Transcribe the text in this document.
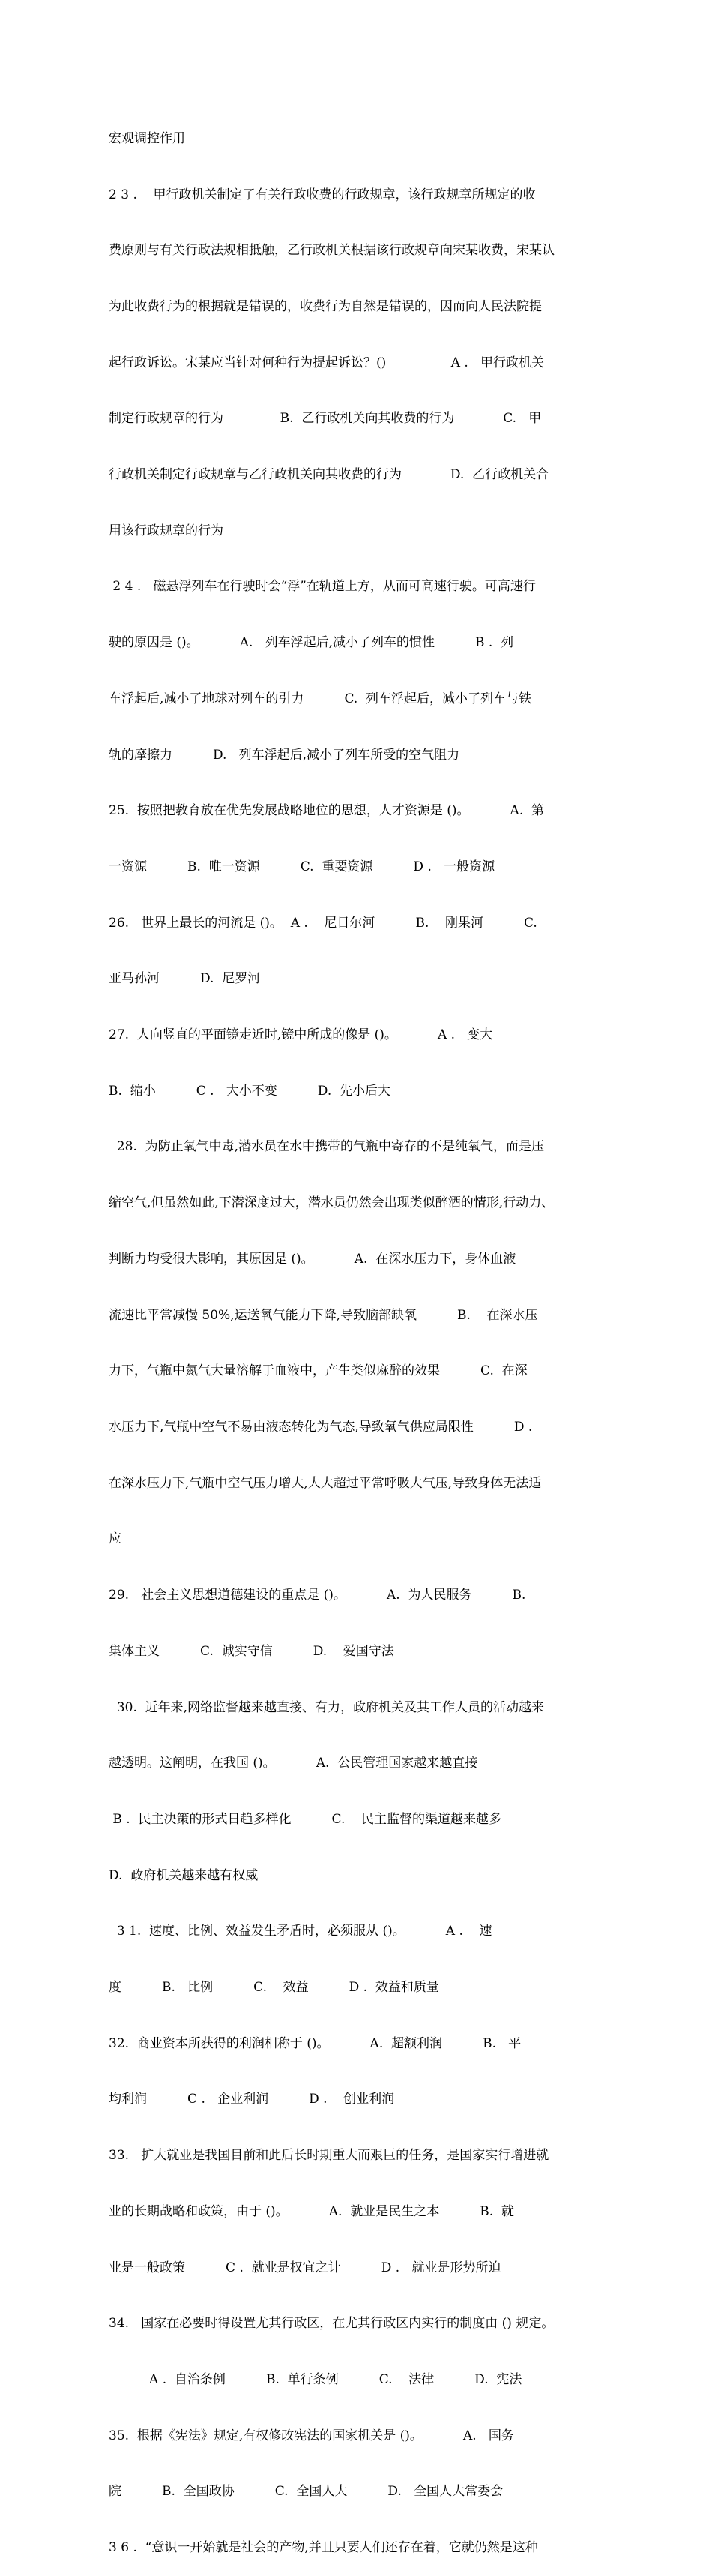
宏观调控作用

2 3 .    甲行政机关制定了有关行政收费的行政规章，该行政规章所规定的收

费原则与有关行政法规相抵触，乙行政机关根据该行政规章向宋某收费，宋某认

为此收费行为的根据就是错误的，收费行为自然是错误的，因而向人民法院提

起行政诉讼。宋某应当针对何种行为提起诉讼？()                A .   甲行政机关

制定行政规章的行为              B.  乙行政机关向其收费的行为            C.   甲

行政机关制定行政规章与乙行政机关向其收费的行为            D.  乙行政机关合

用该行政规章的行为

2 4 .   磁悬浮列车在行驶时会“浮”在轨道上方，从而可高速行驶。可高速行

驶的原因是 ()。          A.   列车浮起后,减小了列车的惯性          B .  列

车浮起后,减小了地球对列车的引力          C.  列车浮起后，减小了列车与铁

轨的摩擦力          D.   列车浮起后,减小了列车所受的空气阻力

25.  按照把教育放在优先发展战略地位的思想，人才资源是 ()。          A.  第

一资源          B.  唯一资源          C.  重要资源          D .   一般资源

26.   世界上最长的河流是 ()。  A .    尼日尔河          B.    刚果河          C.

亚马孙河          D.  尼罗河

27.  人向竖直的平面镜走近时,镜中所成的像是 ()。          A .   变大

B.  缩小          C .   大小不变          D.  先小后大

28.  为防止氧气中毒,潜水员在水中携带的气瓶中寄存的不是纯氧气，而是压

缩空气,但虽然如此,下潜深度过大，潜水员仍然会出现类似醉酒的情形,行动力、

判断力均受很大影响，其原因是 ()。          A.  在深水压力下，身体血液

流速比平常减慢 50%,运送氧气能力下降,导致脑部缺氧          B.    在深水压

力下，气瓶中氮气大量溶解于血液中，产生类似麻醉的效果          C.  在深

水压力下,气瓶中空气不易由液态转化为气态,导致氧气供应局限性          D .

在深水压力下,气瓶中空气压力增大,大大超过平常呼吸大气压,导致身体无法适

应

29.   社会主义思想道德建设的重点是 ()。          A.  为人民服务          B.

集体主义          C.  诚实守信          D.    爱国守法

30.  近年来,网络监督越来越直接、有力，政府机关及其工作人员的活动越来

越透明。这阐明，在我国 ()。          A.  公民管理国家越来越直接

B .  民主决策的形式日趋多样化          C.    民主监督的渠道越来越多

D.  政府机关越来越有权威

3 1.  速度、比例、效益发生矛盾时，必须服从 ()。          A .    速

度          B.   比例          C.    效益          D .  效益和质量

32.  商业资本所获得的利润相称于 ()。          A.  超额利润          B.   平

均利润          C .   企业利润          D .    创业利润

33.   扩大就业是我国目前和此后长时期重大而艰巨的任务，是国家实行增进就

业的长期战略和政策，由于 ()。          A.  就业是民生之本          B.  就

业是一般政策          C .  就业是权宜之计          D .   就业是形势所迫

34.   国家在必要时得设置尤其行政区，在尤其行政区内实行的制度由 () 规定。

A .  自治条例          B.  单行条例          C.    法律          D.  宪法

35.  根据《宪法》规定,有权修改宪法的国家机关是 ()。          A.   国务

院          B.  全国政协          C.  全国人大          D.   全国人大常委会

3 6 .  “意识一开始就是社会的产物,并且只要人们还存在着，它就仍然是这种
